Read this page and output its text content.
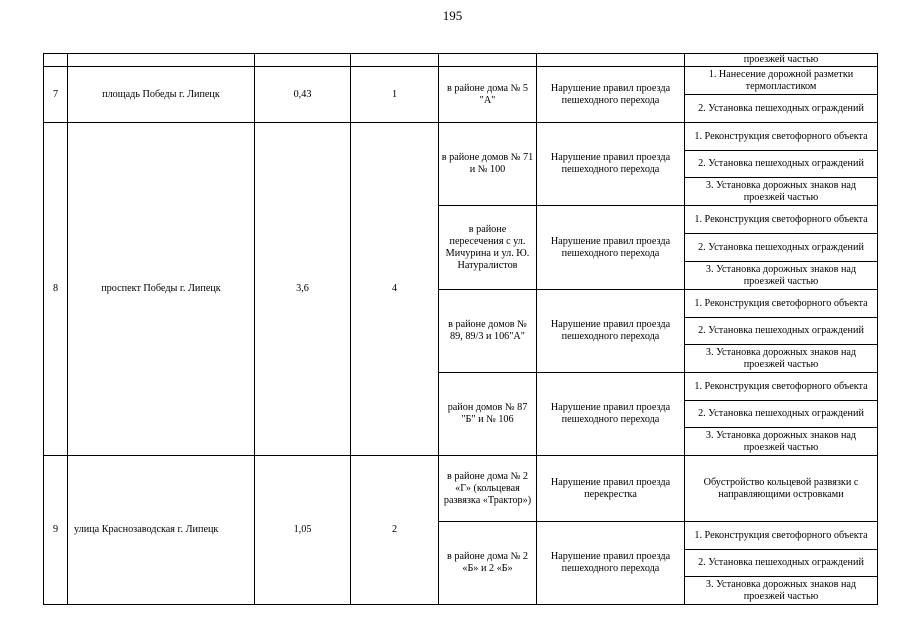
195
						проезжей частью
7	площадь Победы г. Липецк	0,43	1	в районе дома № 5 "А"	Нарушение правил проезда пешеходного перехода	1. Нанесение дорожной разметки термопластиком
						2. Установка пешеходных ограждений
8	проспект Победы г. Липецк	3,6	4	в районе домов № 71 и № 100	Нарушение правил проезда пешеходного перехода	1. Реконструкция светофорного объекта
						2. Установка пешеходных ограждений
						3. Установка дорожных знаков над проезжей частью
				в районе пересечения с ул. Мичурина и ул. Ю. Натуралистов	Нарушение правил проезда пешеходного перехода	1. Реконструкция светофорного объекта
						2. Установка пешеходных ограждений
						3. Установка дорожных знаков над проезжей частью
				в районе домов № 89, 89/3 и 106"А"	Нарушение правил проезда пешеходного перехода	1. Реконструкция светофорного объекта
						2. Установка пешеходных ограждений
						3. Установка дорожных знаков над проезжей частью
				район домов № 87 "Б" и № 106	Нарушение правил проезда пешеходного перехода	1. Реконструкция светофорного объекта
						2. Установка пешеходных ограждений
						3. Установка дорожных знаков над проезжей частью
9	улица Краснозаводская г. Липецк	1,05	2	в районе дома № 2 «Г» (кольцевая развязка «Трактор»)	Нарушение правил проезда перекрестка	Обустройство кольцевой развязки с направляющими островками
				в районе дома № 2 «Б» и 2 «Б»	Нарушение правил проезда пешеходного перехода	1. Реконструкция светофорного объекта
						2. Установка пешеходных ограждений
						3. Установка дорожных знаков над проезжей частью
